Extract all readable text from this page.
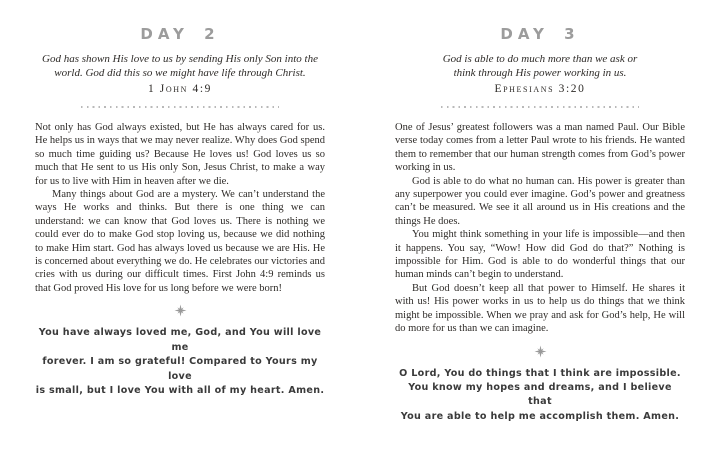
DAY 2
God has shown His love to us by sending His only Son into the
world. God did this so we might have life through Christ.
1 John 4:9

Not only has God always existed, but He has always cared for us. He helps us in ways that we may never realize. Why does God spend so much time guiding us? Because He loves us! God loves us so much that He sent to us His only Son, Jesus Christ, to make a way for us to live with Him in heaven after we die.

Many things about God are a mystery. We can’t understand the ways He works and thinks. But there is one thing we can understand: we can know that God loves us. There is nothing we could ever do to make God stop loving us, because we did nothing to make Him start. God has always loved us because we are His. He is concerned about everything we do. He celebrates our victories and cries with us during our difficult times. First John 4:9 reminds us that God proved His love for us long before we were born!

You have always loved me, God, and You will love me
forever. I am so grateful! Compared to Yours my love
is small, but I love You with all of my heart. Amen.
DAY 3
God is able to do much more than we ask or
think through His power working in us.
Ephesians 3:20

One of Jesus’ greatest followers was a man named Paul. Our Bible verse today comes from a letter Paul wrote to his friends. He wanted them to remember that our human strength comes from God’s power working in us.

God is able to do what no human can. His power is greater than any superpower you could ever imagine. God’s power and greatness can’t be measured. We see it all around us in His creations and the things He does.

You might think something in your life is impossible—and then it happens. You say, “Wow! How did God do that?” Nothing is impossible for Him. God is able to do wonderful things that our human minds can’t begin to understand.

But God doesn’t keep all that power to Himself. He shares it with us! His power works in us to help us do things that we think might be impossible. When we pray and ask for God’s help, He will do more for us than we can imagine.

O Lord, You do things that I think are impossible.
You know my hopes and dreams, and I believe that
You are able to help me accomplish them. Amen.
